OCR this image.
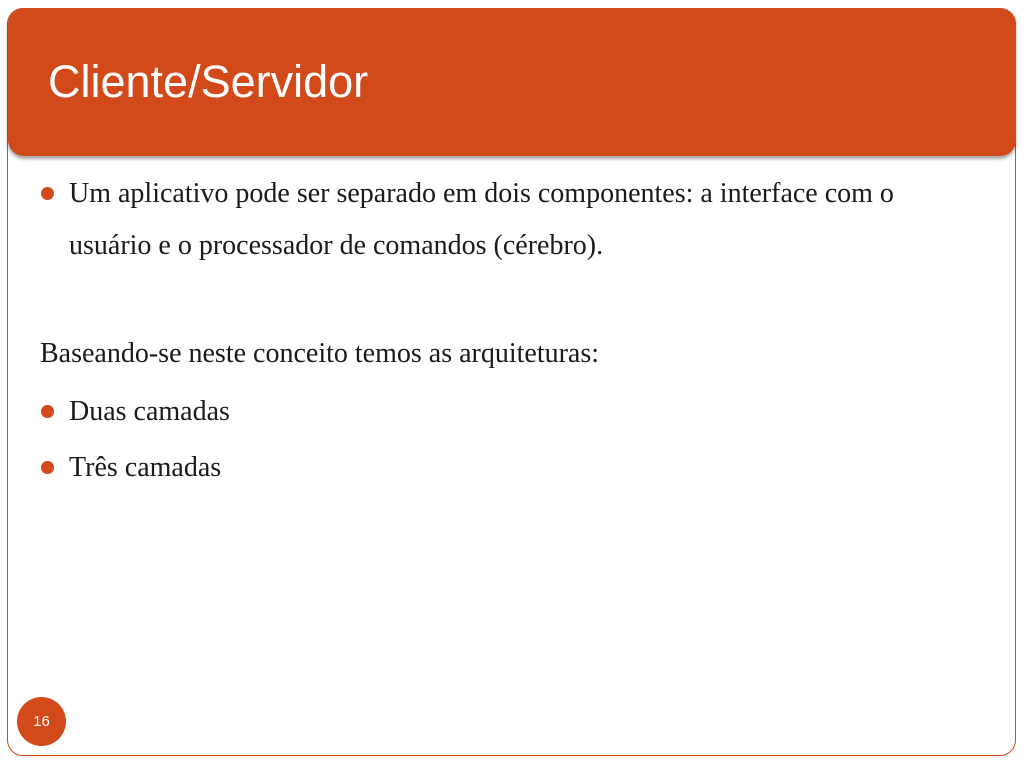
Cliente/Servidor

Um aplicativo pode ser separado em dois componentes: a interface com o usuário e o processador de comandos (cérebro).

Baseando-se neste conceito temos as arquiteturas:

Duas camadas

Três camadas

16
